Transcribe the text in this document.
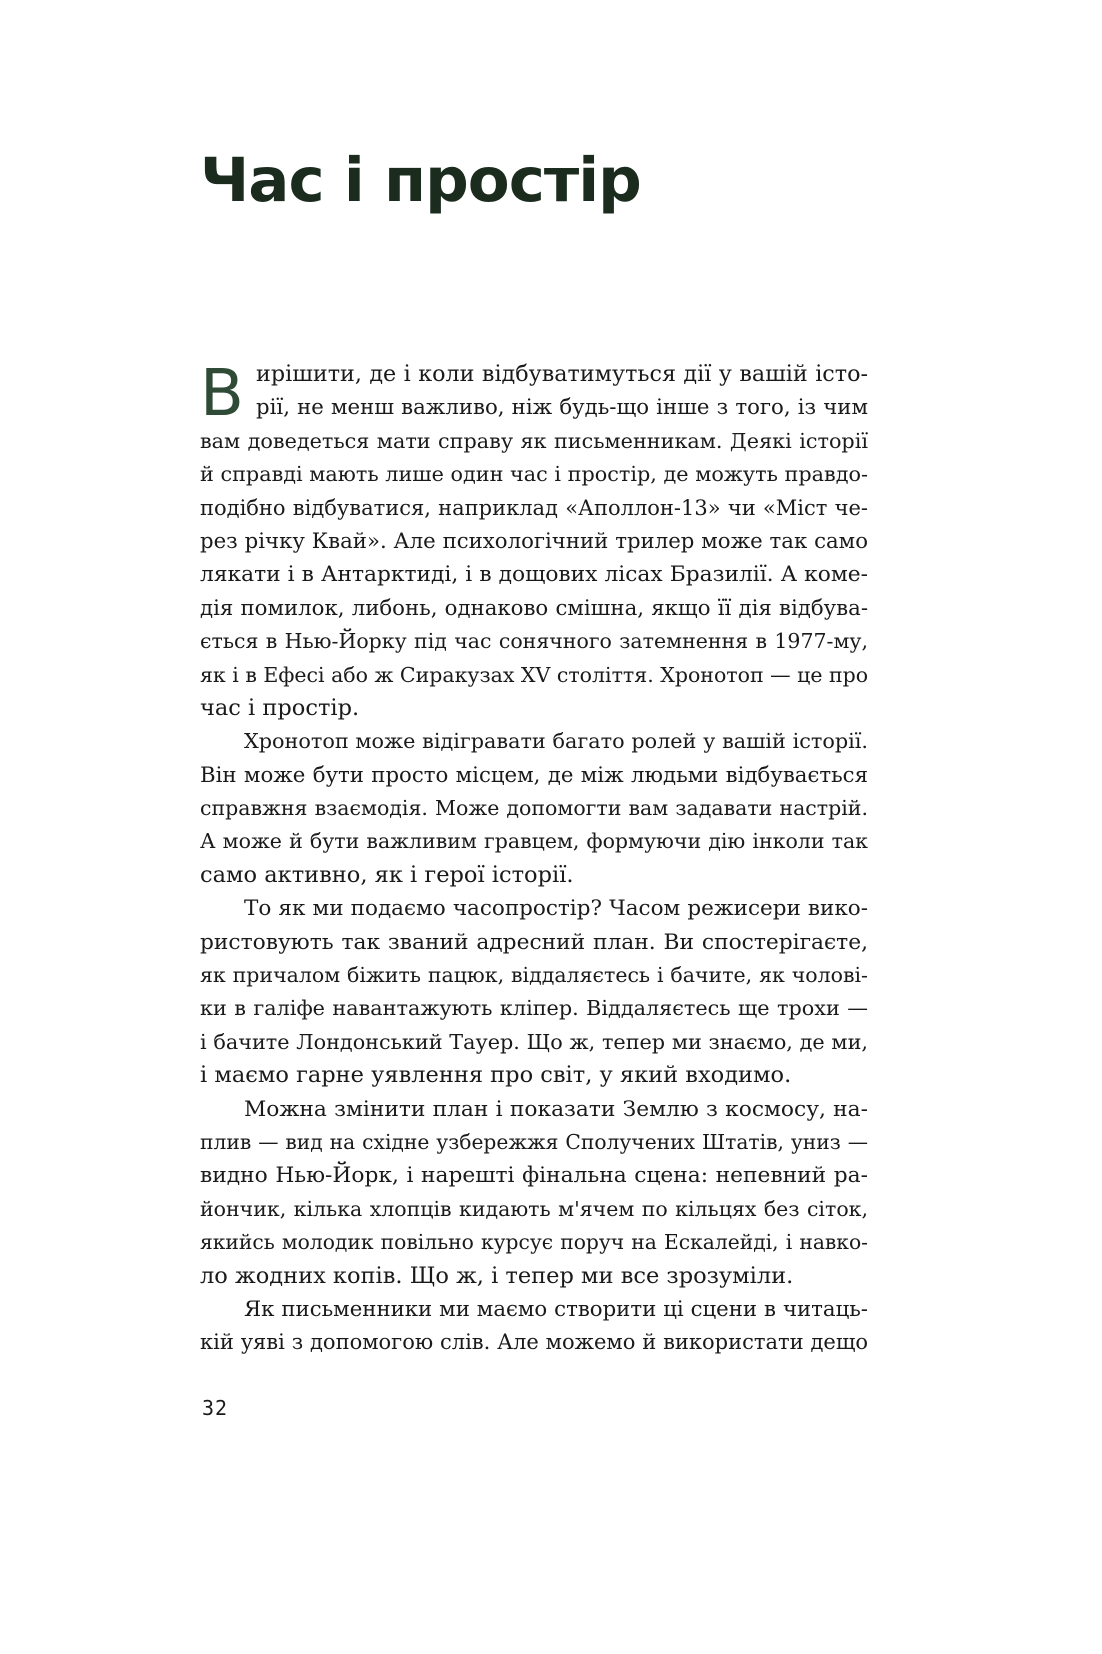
Час і простір
В ирішити, де і коли відбуватимуться дії у вашій істо-
рії, не менш важливо, ніж будь-що інше з того, із чим
вам доведеться мати справу як письменникам. Деякі історії
й справді мають лише один час і простір, де можуть правдо-
подібно відбуватися, наприклад «Аполлон-13» чи «Міст че-
рез річку Квай». Але психологічний трилер може так само
лякати і в Антарктиді, і в дощових лісах Бразилії. А коме-
дія помилок, либонь, однаково смішна, якщо її дія відбува-
ється в Нью-Йорку під час сонячного затемнення в 1977-му,
як і в Ефесі або ж Сиракузах XV століття. Хронотоп — це про
час і простір.
Хронотоп може відігравати багато ролей у вашій історії.
Він може бути просто місцем, де між людьми відбувається
справжня взаємодія. Може допомогти вам задавати настрій.
А може й бути важливим гравцем, формуючи дію інколи так
само активно, як і герої історії.
То як ми подаємо часопростір? Часом режисери вико-
ристовують так званий адресний план. Ви спостерігаєте,
як причалом біжить пацюк, віддаляєтесь і бачите, як чолові-
ки в галіфе навантажують кліпер. Віддаляєтесь ще трохи —
і бачите Лондонський Тауер. Що ж, тепер ми знаємо, де ми,
і маємо гарне уявлення про світ, у який входимо.
Можна змінити план і показати Землю з космосу, на-
плив — вид на східне узбережжя Сполучених Штатів, униз —
видно Нью-Йорк, і нарешті фінальна сцена: непевний ра-
йончик, кілька хлопців кидають м'ячем по кільцях без сіток,
якийсь молодик повільно курсує поруч на Ескалейді, і навко-
ло жодних копів. Що ж, і тепер ми все зрозуміли.
Як письменники ми маємо створити ці сцени в читаць-
кій уяві з допомогою слів. Але можемо й використати дещо
32
